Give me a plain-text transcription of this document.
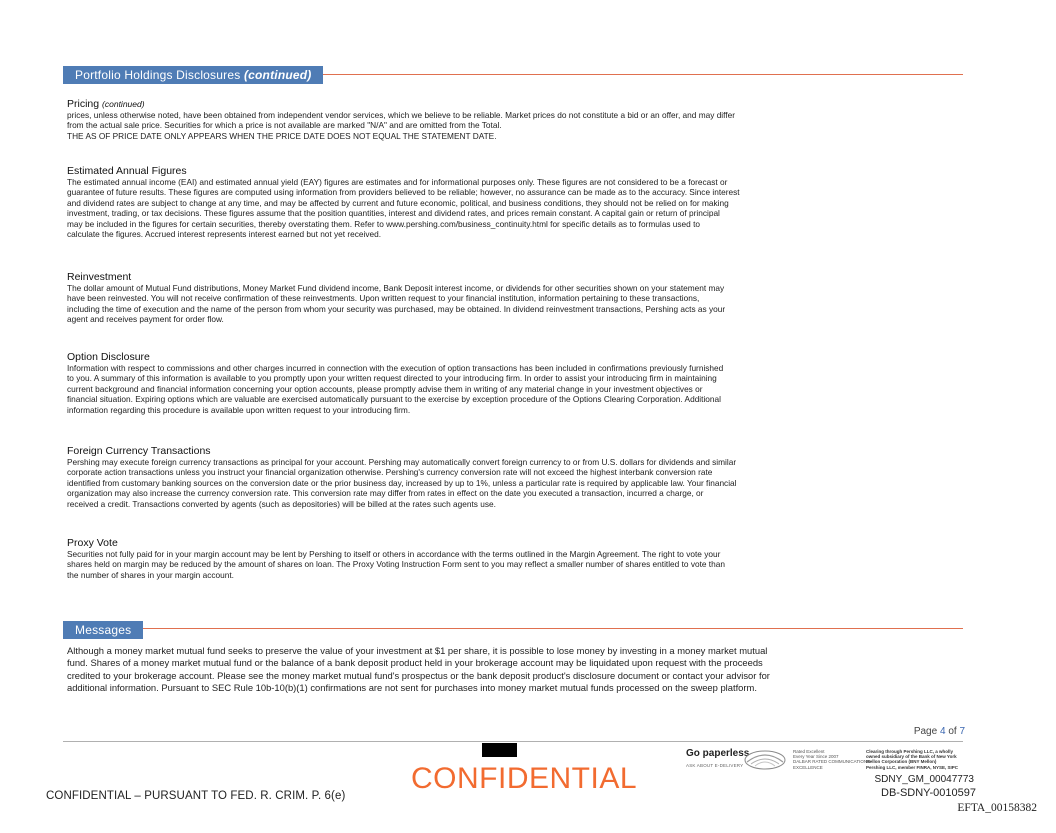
Portfolio Holdings Disclosures (continued)
Pricing (continued)

prices, unless otherwise noted, have been obtained from independent vendor services, which we believe to be reliable. Market prices do not constitute a bid or an offer, and may differ

from the actual sale price. Securities for which a price is not available are marked "N/A" and are omitted from the Total.

THE AS OF PRICE DATE ONLY APPEARS WHEN THE PRICE DATE DOES NOT EQUAL THE STATEMENT DATE.

Estimated Annual Figures

The estimated annual income (EAI) and estimated annual yield (EAY) figures are estimates and for informational purposes only. These figures are not considered to be a forecast or

guarantee of future results. These figures are computed using information from providers believed to be reliable; however, no assurance can be made as to the accuracy. Since interest

and dividend rates are subject to change at any time, and may be affected by current and future economic, political, and business conditions, they should not be relied on for making

investment, trading, or tax decisions. These figures assume that the position quantities, interest and dividend rates, and prices remain constant. A capital gain or return of principal

may be included in the figures for certain securities, thereby overstating them. Refer to www.pershing.com/business_continuity.html for specific details as to formulas used to

calculate the figures. Accrued interest represents interest earned but not yet received.

Reinvestment

The dollar amount of Mutual Fund distributions, Money Market Fund dividend income, Bank Deposit interest income, or dividends for other securities shown on your statement may

have been reinvested. You will not receive confirmation of these reinvestments. Upon written request to your financial institution, information pertaining to these transactions,

including the time of execution and the name of the person from whom your security was purchased, may be obtained. In dividend reinvestment transactions, Pershing acts as your

agent and receives payment for order flow.

Option Disclosure

Information with respect to commissions and other charges incurred in connection with the execution of option transactions has been included in confirmations previously furnished

to you. A summary of this information is available to you promptly upon your written request directed to your introducing firm. In order to assist your introducing firm in maintaining

current background and financial information concerning your option accounts, please promptly advise them in writing of any material change in your investment objectives or

financial situation. Expiring options which are valuable are exercised automatically pursuant to the exercise by exception procedure of the Options Clearing Corporation. Additional

information regarding this procedure is available upon written request to your introducing firm.

Foreign Currency Transactions

Pershing may execute foreign currency transactions as principal for your account. Pershing may automatically convert foreign currency to or from U.S. dollars for dividends and similar

corporate action transactions unless you instruct your financial organization otherwise. Pershing's currency conversion rate will not exceed the highest interbank conversion rate

identified from customary banking sources on the conversion date or the prior business day, increased by up to 1%, unless a particular rate is required by applicable law. Your financial

organization may also increase the currency conversion rate. This conversion rate may differ from rates in effect on the date you executed a transaction, incurred a charge, or

received a credit. Transactions converted by agents (such as depositories) will be billed at the rates such agents use.

Proxy Vote

Securities not fully paid for in your margin account may be lent by Pershing to itself or others in accordance with the terms outlined in the Margin Agreement. The right to vote your

shares held on margin may be reduced by the amount of shares on loan. The Proxy Voting Instruction Form sent to you may reflect a smaller number of shares entitled to vote than

the number of shares in your margin account.

Messages
Although a money market mutual fund seeks to preserve the value of your investment at $1 per share, it is possible to lose money by investing in a money market mutual
fund. Shares of a money market mutual fund or the balance of a bank deposit product held in your brokerage account may be liquidated upon request with the proceeds
credited to your brokerage account. Please see the money market mutual fund's prospectus or the bank deposit product's disclosure document or contact your advisor for
additional information. Pursuant to SEC Rule 10b-10(b)(1) confirmations are not sent for purchases into money market mutual funds processed on the sweep platform.
Page 4 of 7
Go paperless
ASK ABOUT E-DELIVERY
Rated Excellent
Every Year Since 2007
DALBAR RATED COMMUNICATIONS
EXCELLENCE
Clearing through Pershing LLC, a wholly
owned subsidiary of the Bank of New York
Mellon Corporation (BNY Mellon)
Pershing LLC, member FINRA, NYSE, SIPC
CONFIDENTIAL – PURSUANT TO FED. R. CRIM. P. 6(e)
CONFIDENTIAL	SDNY_GM_00047773
DB-SDNY-0010597
EFTA_00158382
